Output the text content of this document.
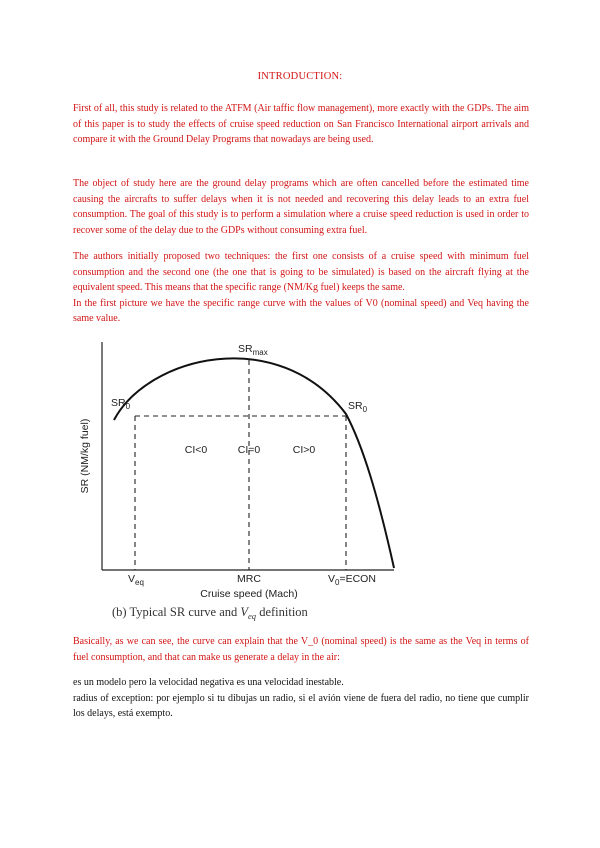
INTRODUCTION:

First of all, this study is related to the ATFM (Air taffic flow management), more exactly with the GDPs. The aim of this paper is to study the effects of cruise speed reduction on San Francisco International airport arrivals and compare it with the Ground Delay Programs that nowadays are being used.

The object of study here are the ground delay programs which are often cancelled before the estimated time causing the aircrafts to suffer delays when it is not needed and recovering this delay leads to an extra fuel consumption. The goal of this study is to perform a simulation where a cruise speed reduction is used in order to recover some of the delay due to the GDPs without consuming extra fuel.

The authors initially proposed two techniques: the first one consists of a cruise speed with minimum fuel consumption and the second one (the one that is going to be simulated) is based on the aircraft flying at the equivalent speed. This means that the specific range (NM/Kg fuel) keeps the same.
In the first picture we have the specific range curve with the values of V0 (nominal speed) and Veq having the same value.
SR (NM/kg fuel)
$SR_{max}$
$SR_0$	$SR_0$
CI<0	CI=0	CI>0
$V_{eq}$	MRC	$V_0=ECON$
Cruise speed (Mach)
(b) Typical SR curve and $V_{eq}$ definition

Basically, as we can see, the curve can explain that the V_0 (nominal speed) is the same as the Veq in terms of fuel consumption, and that can make us generate a delay in the air:

es un modelo pero la velocidad negativa es una velocidad inestable.
radius of exception: por ejemplo si tu dibujas un radio, si el avión viene de fuera del radio, no tiene que cumplir los delays, está exempto.
